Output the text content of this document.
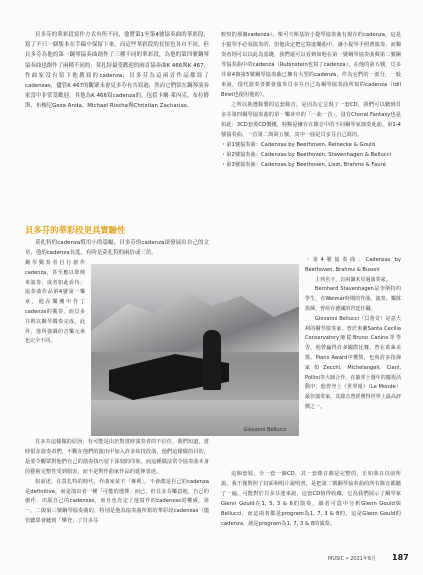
貝多芬的華彩段寫作方式有所不同，他將第1至第4號協奏曲的華彩段，寫了不只一個版本在手稿中保留下來，而這些華彩段的長短也各自不同，但貝多芬為他的第一鋼琴協奏曲創作了三種不同的華彩段，為他的第四號鋼琴協奏曲也創作了兩種不同的，莫扎特最受歡迎的兩首協奏曲K 466與K 467，作曲家沒有留下他撰寫的cadenza；貝多芬為這兩首作品都寫了cadenzas，儘管K 467的觀眾未會見多芬有否寫過，然而它們常在鋼琴演奏家當中非常受歡迎。其他為K 466寫cadenza的，包括卡爾·萊內克、布拉姆斯、布梭尼Geza Anda、Michael Rische與Christian Zacharias。

貝多芬的華彩段更具實驗性

莫扎特的cadenza慣用小的篇幅，貝多芬的cadenza卻發展出自己的文章，他的cadenza長度，有時是莫扎特的兩倍或三倍。

鋼琴獨奏者自行創作cadenza，甚至應以即興來演奏，或者如此看待；協奏曲作品第4號第一樂章，他在樂團中作了cadenza的獨奏，而貝多芬則以鋼琴獨奏完成，此外，他所強調的音樂元素也完全不同。

Giovanni Bellucci

貝多芬這樣做的原因，有可能是出於對當時演奏者的不信任，我們知道，當時很多演奏者們，不斷在他們的演出中加入許多炫技段落，他們這樣做的目的，是要令觀眾對他們自己的演奏技巧留下深刻的印象，而這種做法常令協奏曲本身的藝術完整性受到損害，而不是對作曲家作品的延伸表達。

如前述，在莫扎特的時代，作曲家並不「專利」，不會總是自己的cadenza是definitive，而是演出者一種「可能的選擇」而已，但貝多芬樂意地，自己的創作、出版自己的cadenzas，而且也肯定了他寫作的cadenzas的權威，第一、二與第三號鋼琴協奏曲的，特別是他為協奏曲所寫的華彩段cadenzas（儘管聽眾會聽到「攀登」了貝多芬

較短的那個cadenza）。柴可夫斯基的小提琴協奏曲有現存的cadenza，這是小提琴手必須演奏的，但他決定把它寫進樂曲中，讓小提琴手照著演奏，而獨奏者則可以以此為基礎，我們還可以看到如他在第一號鋼琴協奏曲與第二號鋼琴協奏曲中的cadenza（Rubinstein也寫了cadenza）。在他的第五號，貝多芬第4與第5號鋼琴協奏曲已擁有大型的cadenza，作為它們的一部分，一般來說，現代演奏者都會演奏貝多芬自己為鋼琴協奏曲所寫的cadenza（Idil Biret也使用他的）。

之所以挑選錄製的這套錄音，是因為它呈現了一套CD，我們可以聽到貝多芬第四鋼琴協奏曲的第一樂章中的「一曲一首」，沒有Choral Fantasy也是如此：3CD套裝CD價錢，特點是擁有在錄音中的不同鋼琴家演奏此曲。第1-4號協奏曲、一首第二與第五號，其中一曲是貝多芬自己寫的。

・第1號協奏曲：Cadenzas by Beethoven, Reinecke & Gould

・第2號協奏曲：Cadenzas by Beethoven, Stavenhagen & Bellucci

・第3號協奏曲：Cadenzas by Beethoven, Liszt, Brahms & Fauré

・第4號協奏曲：Cadenzas by Beethoven, Brahms & Busoni

上列名字，有兩個未見過演奏家。

Bernhard Stavenhagen是李斯特的學生，在Weimar時期的作曲、演奏、樂隊指揮，曾經在德國的宮廷任職。

Giovanni Bellucci（貝魯奇）是意大利的鋼琴演奏家，曾於米蘭Santa Cecilia Conservatory師從Bruno Canino等學習，他曾贏得許多國際比賽，曾在葛萊美獎、Piano Award中獲獎，也與許多指揮家如Zecchi, Michelangeli, Ciani, Pollini等大師合作，在蕭邦十週年的慶祝活動中，他曾登上《世界報》（Le Monde）最佳演奏家，其錄音曾經獲得世界上最高評價之一。

這個套裝，全一套一個CD，其一套錄音都是完整的，正如我在以前所說，我不僅對照了封面和唱片說明書，是把第二號鋼琴協奏曲的所有錄音都聽了一遍，可能對於貝多芬迷來說，這套CD值得收藏，它為我們展示了鋼琴家Glenn Gould在1, 5, 3 & 6的演奏，讀者可從中分析Glenn Gould與Bellucci，而這兩者都是program為1, 7, 3 & 8的，這是Glenn Gould的cadenza，就是program為1, 7, 3 & 8的演奏。

MUSIC • 2021年6月 187
